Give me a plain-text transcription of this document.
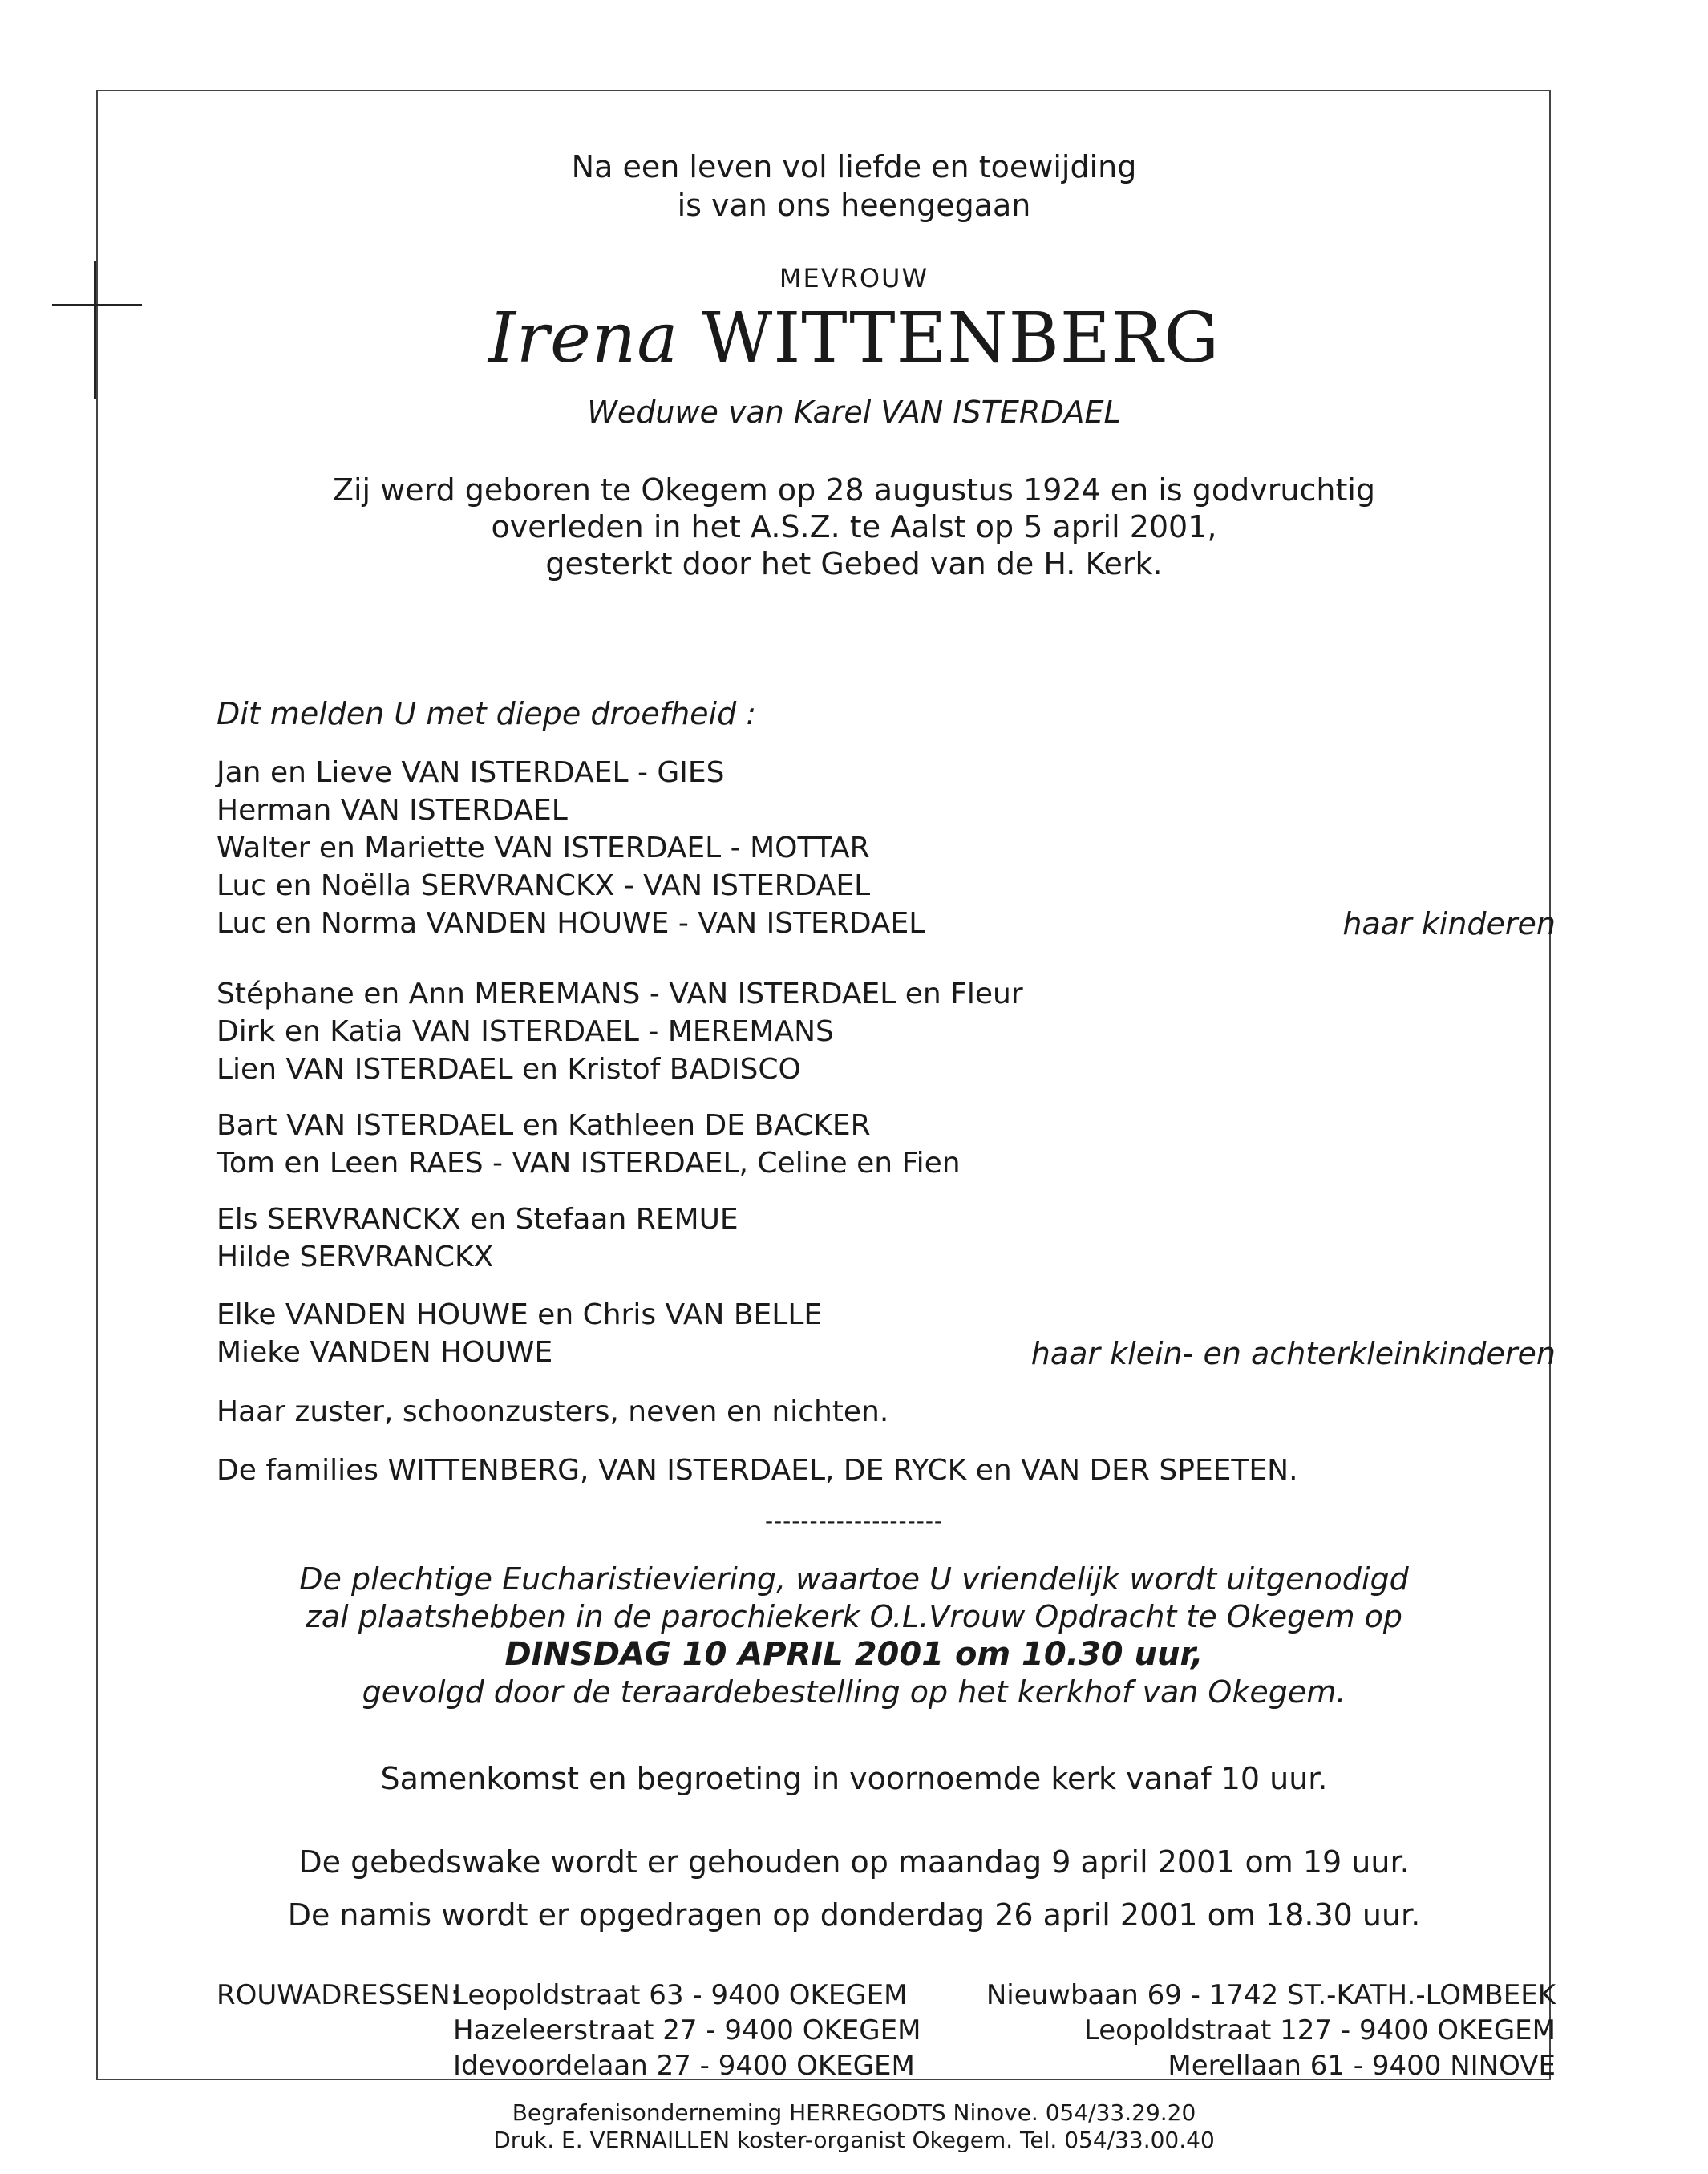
Na een leven vol liefde en toewijding
is van ons heengegaan
MEVROUW
Irena WITTENBERG
Weduwe van Karel VAN ISTERDAEL
Zij werd geboren te Okegem op 28 augustus 1924 en is godvruchtig
overleden in het A.S.Z. te Aalst op 5 april 2001,
gesterkt door het Gebed van de H. Kerk.
Dit melden U met diepe droefheid :
Jan en Lieve VAN ISTERDAEL - GIES
Herman VAN ISTERDAEL
Walter en Mariette VAN ISTERDAEL - MOTTAR
Luc en Noëlla SERVRANCKX - VAN ISTERDAEL
Luc en Norma VANDEN HOUWE - VAN ISTERDAEL	haar kinderen
Stéphane en Ann MEREMANS - VAN ISTERDAEL en Fleur
Dirk en Katia VAN ISTERDAEL - MEREMANS
Lien VAN ISTERDAEL en Kristof BADISCO
Bart VAN ISTERDAEL en Kathleen DE BACKER
Tom en Leen RAES - VAN ISTERDAEL, Celine en Fien
Els SERVRANCKX en Stefaan REMUE
Hilde SERVRANCKX
Elke VANDEN HOUWE en Chris VAN BELLE
Mieke VANDEN HOUWE	haar klein- en achterkleinkinderen
Haar zuster, schoonzusters, neven en nichten.
De families WITTENBERG, VAN ISTERDAEL, DE RYCK en VAN DER SPEETEN.
--------------------
De plechtige Eucharistieviering, waartoe U vriendelijk wordt uitgenodigd
zal plaatshebben in de parochiekerk O.L.Vrouw Opdracht te Okegem op
DINSDAG 10 APRIL 2001 om 10.30 uur,
gevolgd door de teraardebestelling op het kerkhof van Okegem.
Samenkomst en begroeting in voornoemde kerk vanaf 10 uur.
De gebedswake wordt er gehouden op maandag 9 april 2001 om 19 uur.
De namis wordt er opgedragen op donderdag 26 april 2001 om 18.30 uur.
ROUWADRESSEN:
Leopoldstraat 63 - 9400 OKEGEM
Hazeleerstraat 27 - 9400 OKEGEM
Idevoordelaan 27 - 9400 OKEGEM
Nieuwbaan 69 - 1742 ST.-KATH.-LOMBEEK
Leopoldstraat 127 - 9400 OKEGEM
Merellaan 61 - 9400 NINOVE
Begrafenisonderneming HERREGODTS Ninove. 054/33.29.20
Druk. E. VERNAILLEN koster-organist Okegem. Tel. 054/33.00.40
